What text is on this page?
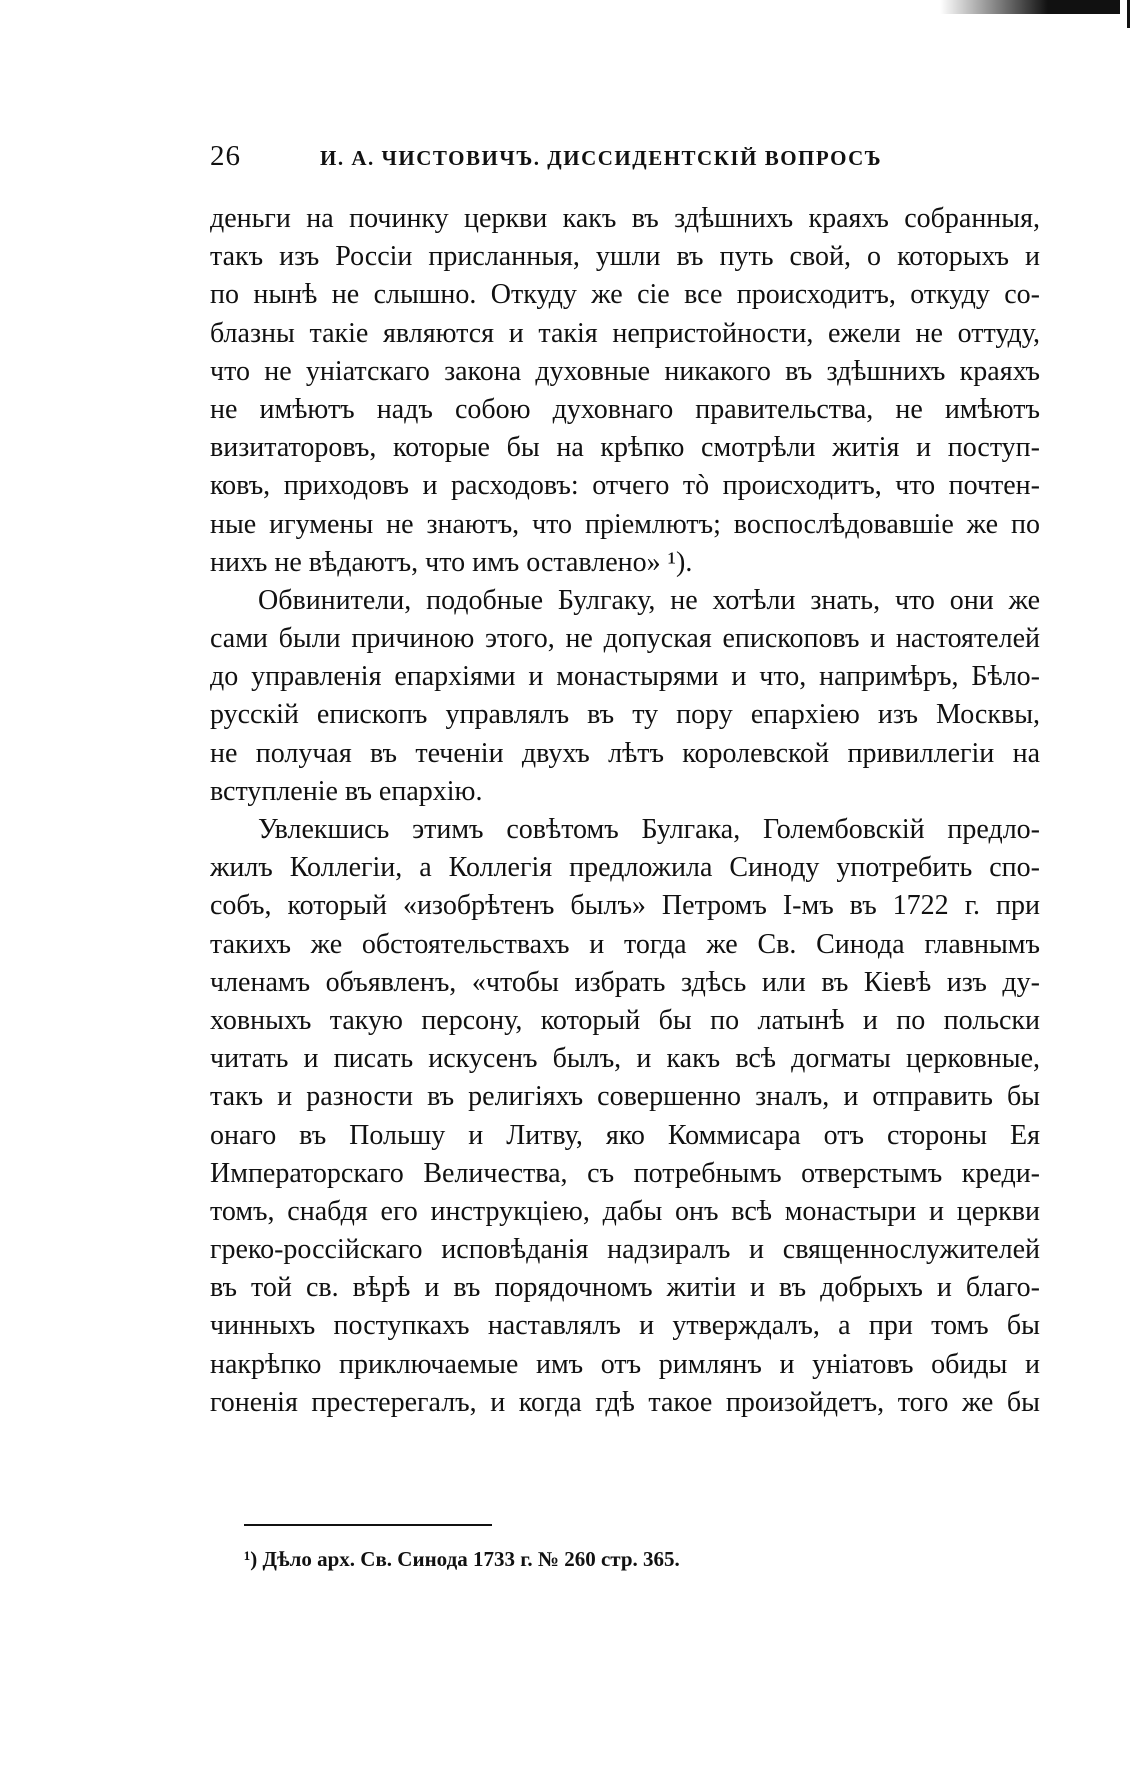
26	И. А. ЧИСТОВИЧЪ. ДИССИДЕНТСКІЙ ВОПРОСЪ
деньги на починку церкви какъ въ здѣшнихъ краяхъ собранныя,
такъ изъ Россіи присланныя, ушли въ путь свой, о которыхъ и
по нынѣ не слышно. Откуду же сіе все происходитъ, откуду со-
блазны такіе являются и такія непристойности, ежели не оттуду,
что не уніатскаго закона духовные никакого въ здѣшнихъ краяхъ
не имѣютъ надъ собою духовнаго правительства, не имѣютъ
визитаторовъ, которые бы на крѣпко смотрѣли житія и поступ-
ковъ, приходовъ и расходовъ: отчего тò происходитъ, что почтен-
ные игумены не знаютъ, что пріемлютъ; воспослѣдовавшіе же по
нихъ не вѣдаютъ, что имъ оставлено» ¹).
Обвинители, подобные Булгаку, не хотѣли знать, что они же
сами были причиною этого, не допуская епископовъ и настоятелей
до управленія епархіями и монастырями и что, напримѣръ, Бѣло-
русскій епископъ управлялъ въ ту пору епархіею изъ Москвы,
не получая въ теченіи двухъ лѣтъ королевской привиллегіи на
вступленіе въ епархію.
Увлекшись этимъ совѣтомъ Булгака, Голембовскій предло-
жилъ Коллегіи, а Коллегія предложила Синоду употребить спо-
собъ, который «изобрѣтенъ былъ» Петромъ I-мъ въ 1722 г. при
такихъ же обстоятельствахъ и тогда же Св. Синода главнымъ
членамъ объявленъ, «чтобы избрать здѣсь или въ Кіевѣ изъ ду-
ховныхъ такую персону, который бы по латынѣ и по польски
читать и писать искусенъ былъ, и какъ всѣ догматы церковные,
такъ и разности въ религіяхъ совершенно зналъ, и отправить бы
онаго въ Польшу и Литву, яко Коммисара отъ стороны Ея
Императорскаго Величества, съ потребнымъ отверстымъ креди-
томъ, снабдя его инструкціею, дабы онъ всѣ монастыри и церкви
греко-россійскаго исповѣданія надзиралъ и священнослужителей
въ той св. вѣрѣ и въ порядочномъ житіи и въ добрыхъ и благо-
чинныхъ поступкахъ наставлялъ и утверждалъ, а при томъ бы
накрѣпко приключаемые имъ отъ римлянъ и уніатовъ обиды и
гоненія престерегалъ, и когда гдѣ такое произойдетъ, того же бы
¹) Дѣло арх. Св. Синода 1733 г. № 260 стр. 365.
